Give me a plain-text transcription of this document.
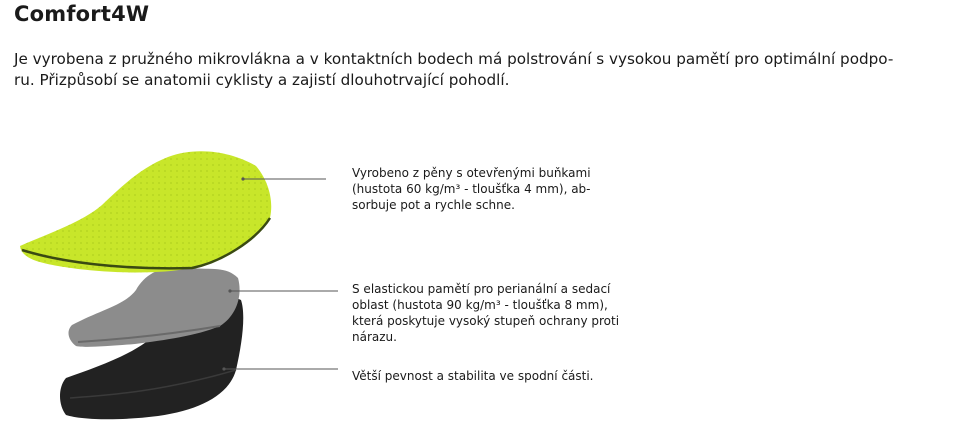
Comfort4W

Je vyrobena z pružného mikrovlákna a v kontaktních bodech má polstrování s vysokou pamětí pro optimální podpo-
ru. Přizpůsobí se anatomii cyklisty a zajistí dlouhotrvající pohodlí.

Vyrobeno z pěny s otevřenými buňkami
(hustota 60 kg/m³ - tloušťka 4 mm), ab-
sorbuje pot a rychle schne.

S elastickou pamětí pro perianální a sedací
oblast (hustota 90 kg/m³ - tloušťka 8 mm),
která poskytuje vysoký stupeň ochrany proti
nárazu.

Větší pevnost a stabilita ve spodní části.
